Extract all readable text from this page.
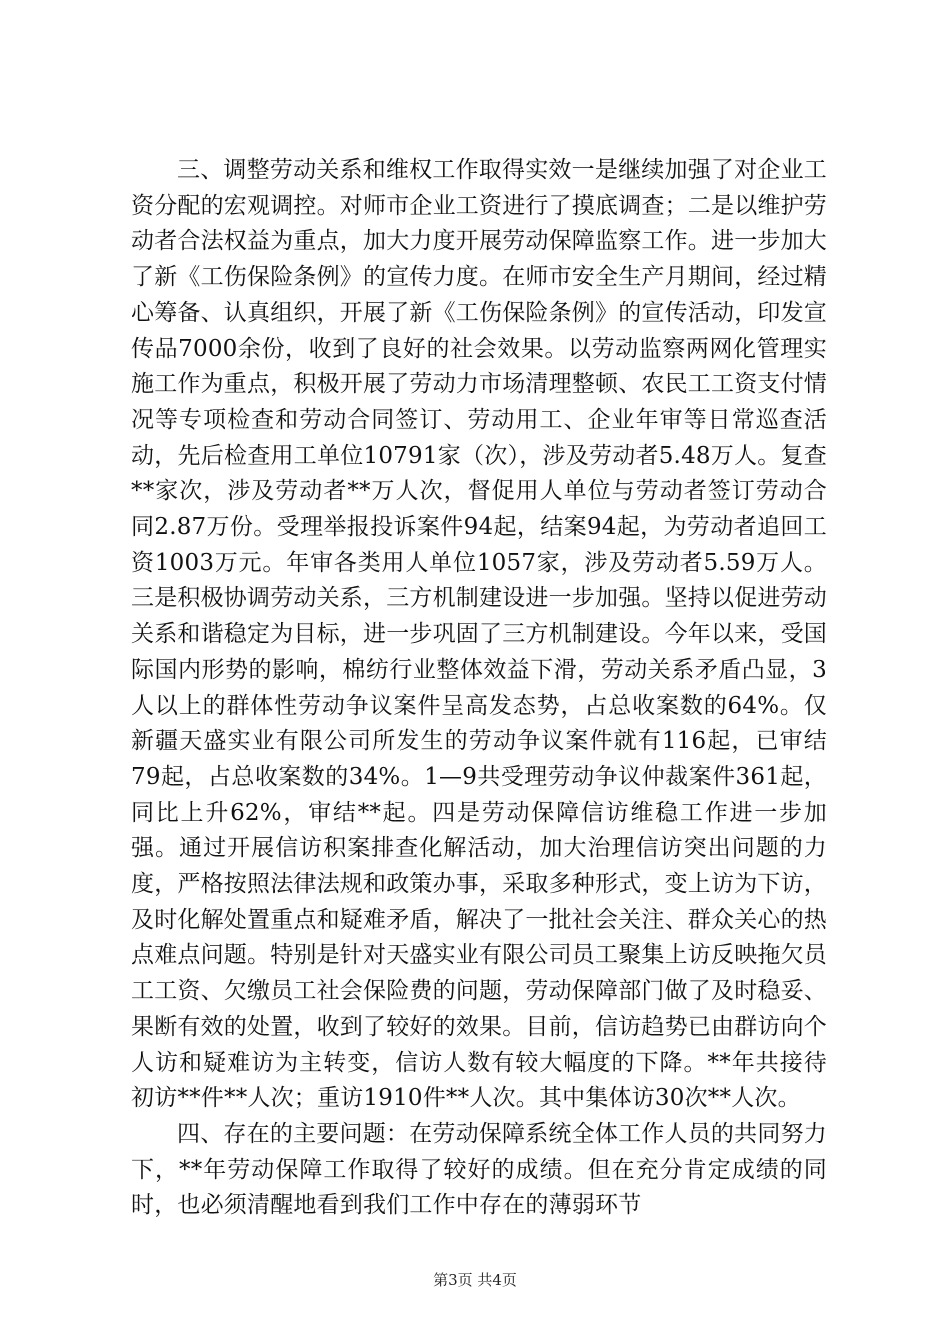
三、调整劳动关系和维权工作取得实效一是继续加强了对企业工资分配的宏观调控。对师市企业工资进行了摸底调查；二是以维护劳动者合法权益为重点，加大力度开展劳动保障监察工作。进一步加大了新《工伤保险条例》的宣传力度。在师市安全生产月期间，经过精心筹备、认真组织，开展了新《工伤保险条例》的宣传活动，印发宣传品7000余份，收到了良好的社会效果。以劳动监察两网化管理实施工作为重点，积极开展了劳动力市场清理整顿、农民工工资支付情况等专项检查和劳动合同签订、劳动用工、企业年审等日常巡查活动，先后检查用工单位10791家（次），涉及劳动者5.48万人。复查**家次，涉及劳动者**万人次，督促用人单位与劳动者签订劳动合同2.87万份。受理举报投诉案件94起，结案94起，为劳动者追回工资1003万元。年审各类用人单位1057家，涉及劳动者5.59万人。三是积极协调劳动关系，三方机制建设进一步加强。坚持以促进劳动关系和谐稳定为目标，进一步巩固了三方机制建设。今年以来，受国际国内形势的影响，棉纺行业整体效益下滑，劳动关系矛盾凸显，3人以上的群体性劳动争议案件呈高发态势，占总收案数的64%。仅新疆天盛实业有限公司所发生的劳动争议案件就有116起，已审结79起，占总收案数的34%。1—9共受理劳动争议仲裁案件361起，同比上升62%，审结**起。四是劳动保障信访维稳工作进一步加强。通过开展信访积案排查化解活动，加大治理信访突出问题的力度，严格按照法律法规和政策办事，采取多种形式，变上访为下访，及时化解处置重点和疑难矛盾，解决了一批社会关注、群众关心的热点难点问题。特别是针对天盛实业有限公司员工聚集上访反映拖欠员工工资、欠缴员工社会保险费的问题，劳动保障部门做了及时稳妥、果断有效的处置，收到了较好的效果。目前，信访趋势已由群访向个人访和疑难访为主转变，信访人数有较大幅度的下降。**年共接待初访**件**人次；重访1910件**人次。其中集体访30次**人次。

四、存在的主要问题：在劳动保障系统全体工作人员的共同努力下，**年劳动保障工作取得了较好的成绩。但在充分肯定成绩的同时，也必须清醒地看到我们工作中存在的薄弱环节

第3页 共4页
